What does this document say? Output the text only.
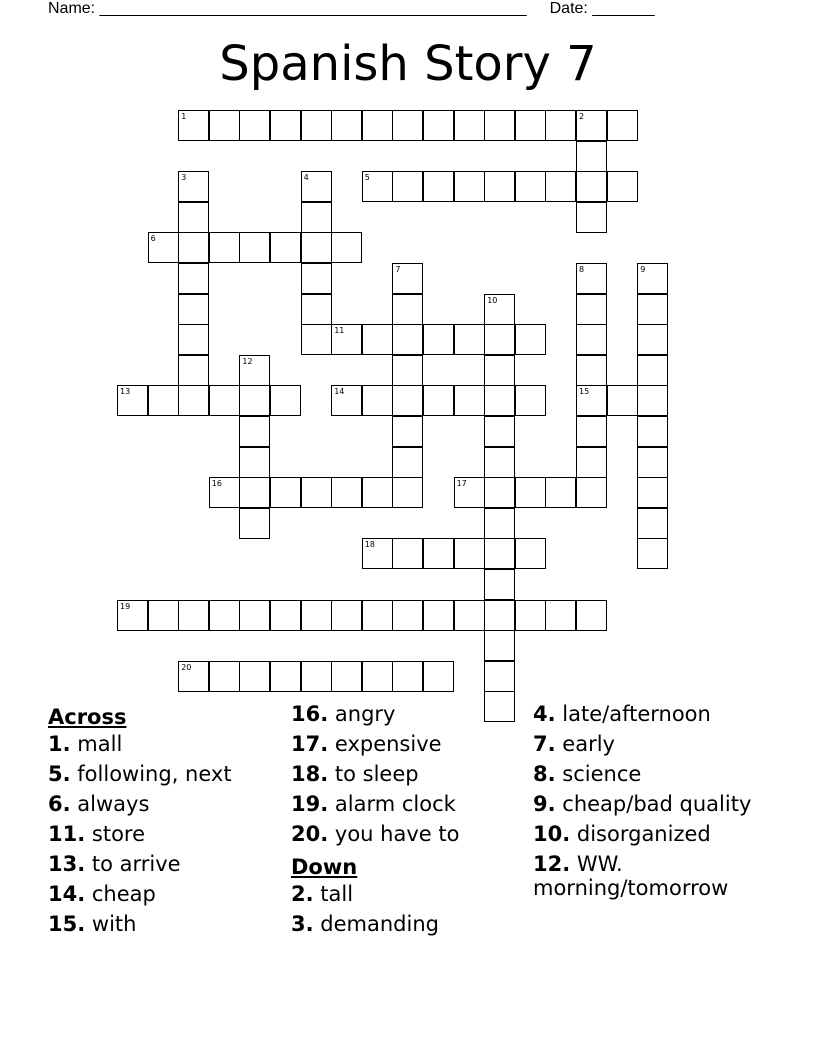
Name: ________________________________________________ Date: _______
Spanish Story 7
1	2
3	4	5
6
7	8
15
9
10
11
12
13	14
16	17
18
19
20
Across
1. mall
5. following, next
6. always
11. store
13. to arrive
14. cheap
15. with
16. angry
17. expensive
18. to sleep
19. alarm clock
20. you have to
Down
2. tall
3. demanding
4. late/afternoon
7. early
8. science
9. cheap/bad quality
10. disorganized
12. WW. morning/tomorrow
